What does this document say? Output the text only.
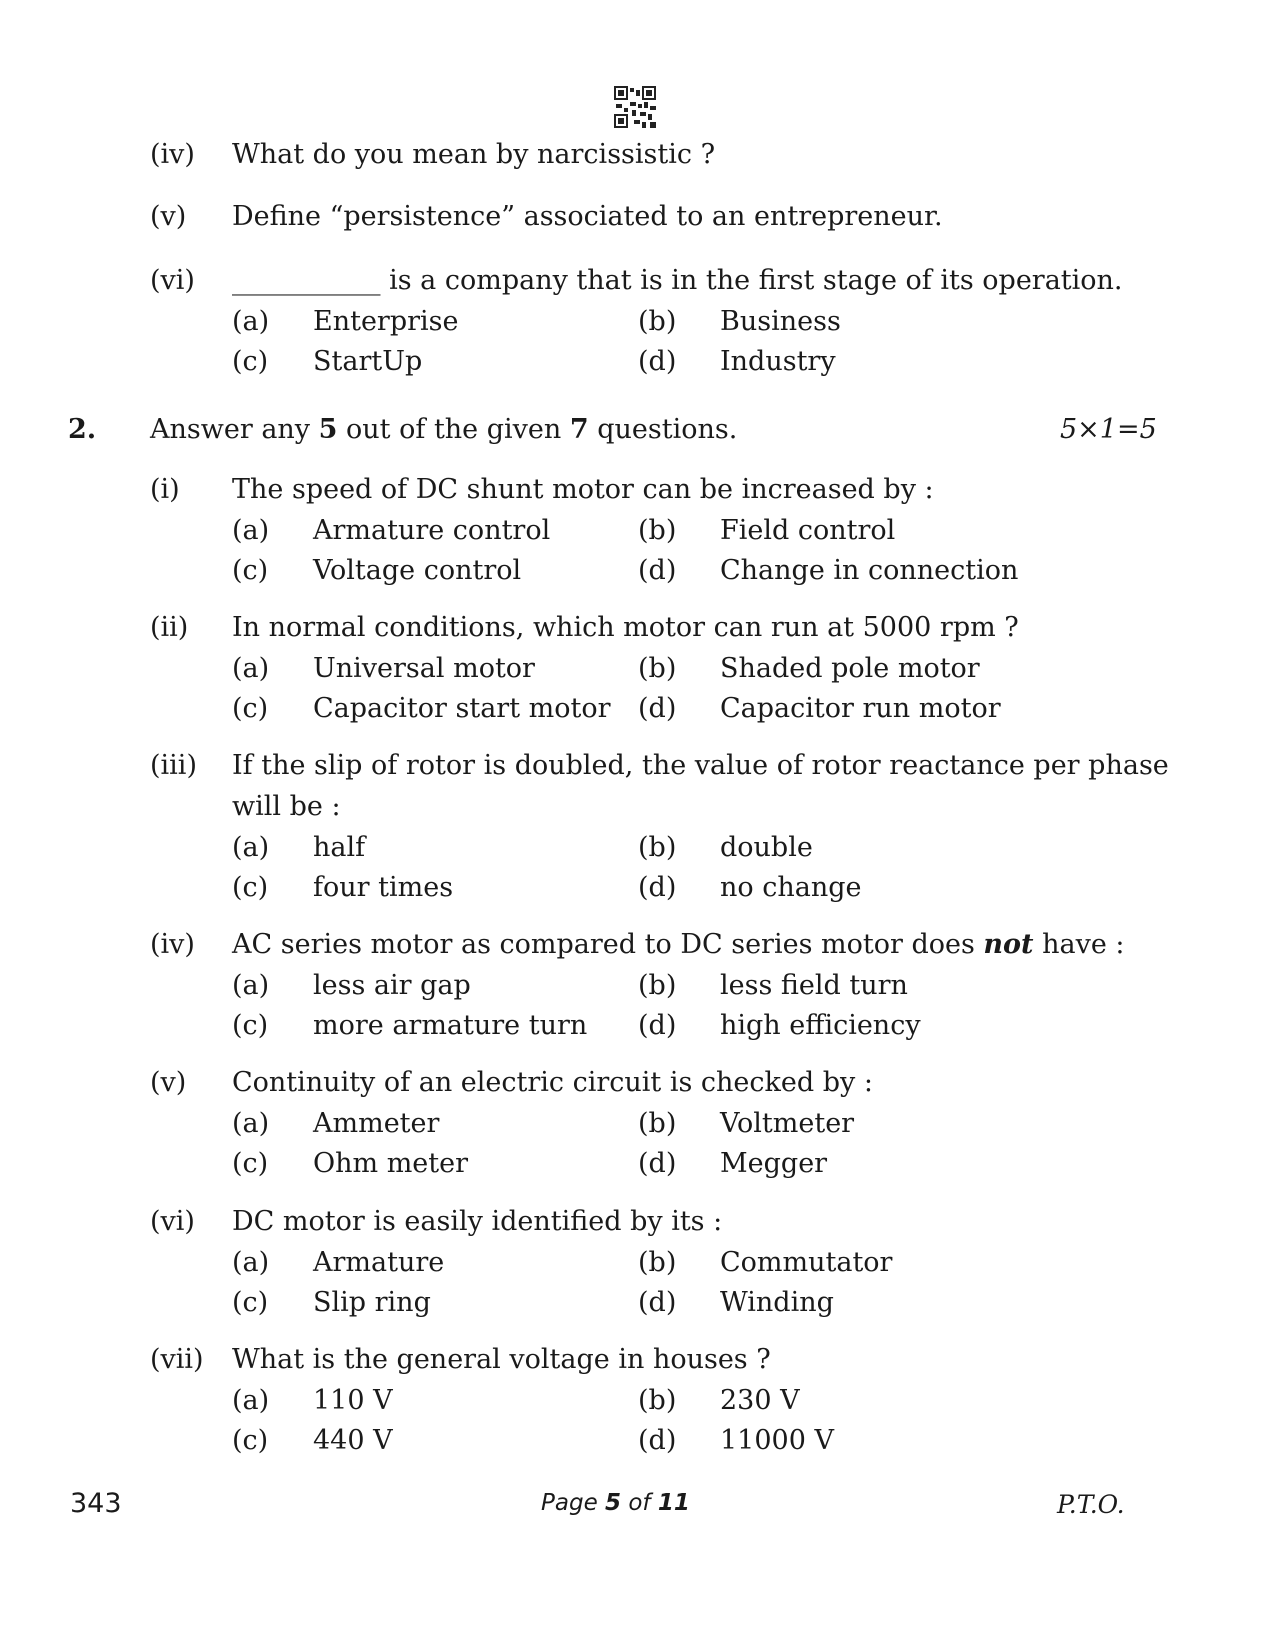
(iv) What do you mean by narcissistic ?
(v) Define “persistence” associated to an entrepreneur.
(vi) ___________ is a company that is in the first stage of its operation.
(a) Enterprise	(b) Business
(c) StartUp	(d) Industry
2. Answer any 5 out of the given 7 questions.	5×1=5
(i) The speed of DC shunt motor can be increased by :
(a) Armature control	(b) Field control
(c) Voltage control	(d) Change in connection
(ii) In normal conditions, which motor can run at 5000 rpm ?
(a) Universal motor	(b) Shaded pole motor
(c) Capacitor start motor (d) Capacitor run motor
(iii) If the slip of rotor is doubled, the value of rotor reactance per phase
will be :
(a) half	(b) double
(c) four times	(d) no change
(iv) AC series motor as compared to DC series motor does not have :
(a) less air gap	(b) less field turn
(c) more armature turn (d) high efficiency
(v) Continuity of an electric circuit is checked by :
(a) Ammeter	(b) Voltmeter
(c) Ohm meter	(d) Megger
(vi) DC motor is easily identified by its :
(a) Armature	(b) Commutator
(c) Slip ring	(d) Winding
(vii) What is the general voltage in houses ?
(a) 110 V	(b) 230 V
(c) 440 V	(d) 11000 V
343	Page 5 of 11	P.T.O.
